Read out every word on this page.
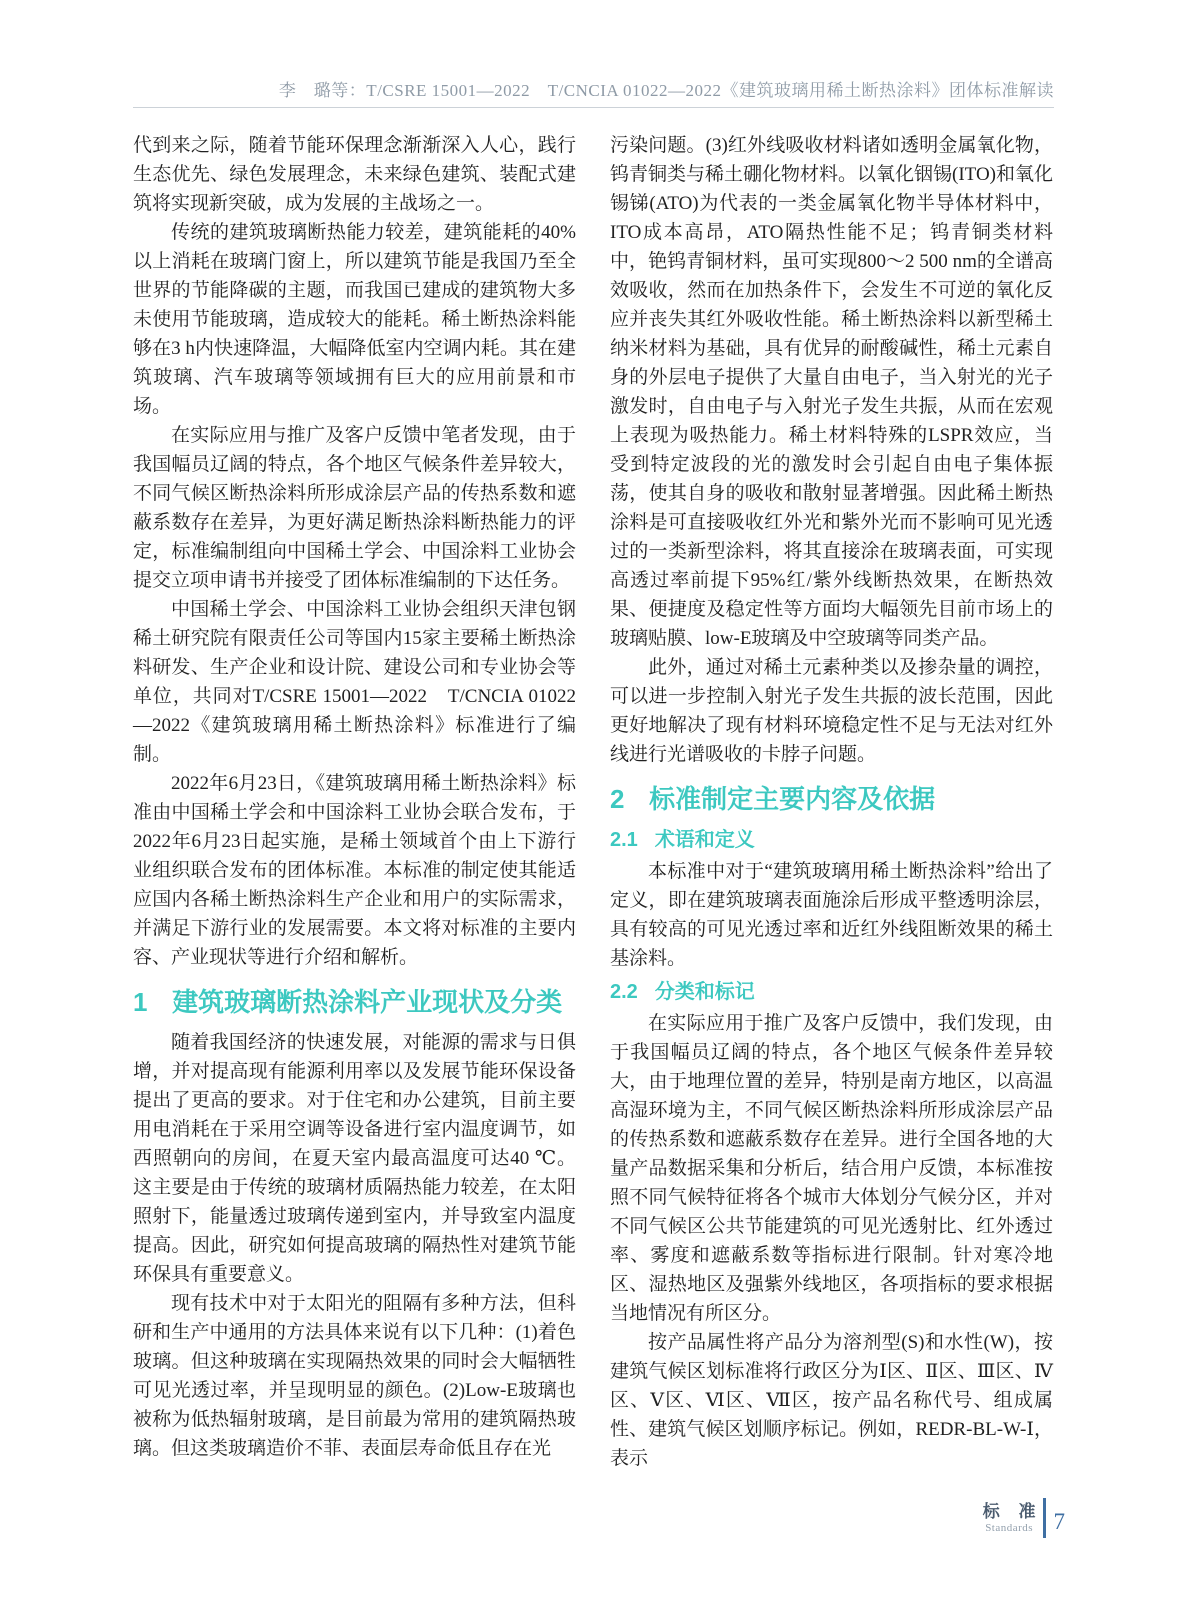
李　璐等：T/CSRE 15001—2022　T/CNCIA 01022—2022《建筑玻璃用稀土断热涂料》团体标准解读

代到来之际，随着节能环保理念渐渐深入人心，践行生态优先、绿色发展理念，未来绿色建筑、装配式建筑将实现新突破，成为发展的主战场之一。

传统的建筑玻璃断热能力较差，建筑能耗的40%以上消耗在玻璃门窗上，所以建筑节能是我国乃至全世界的节能降碳的主题，而我国已建成的建筑物大多未使用节能玻璃，造成较大的能耗。稀土断热涂料能够在3 h内快速降温，大幅降低室内空调内耗。其在建筑玻璃、汽车玻璃等领域拥有巨大的应用前景和市场。

在实际应用与推广及客户反馈中笔者发现，由于我国幅员辽阔的特点，各个地区气候条件差异较大，不同气候区断热涂料所形成涂层产品的传热系数和遮蔽系数存在差异，为更好满足断热涂料断热能力的评定，标准编制组向中国稀土学会、中国涂料工业协会提交立项申请书并接受了团体标准编制的下达任务。

中国稀土学会、中国涂料工业协会组织天津包钢稀土研究院有限责任公司等国内15家主要稀土断热涂料研发、生产企业和设计院、建设公司和专业协会等单位，共同对T/CSRE 15001—2022　T/CNCIA 01022—2022《建筑玻璃用稀土断热涂料》标准进行了编制。

2022年6月23日，《建筑玻璃用稀土断热涂料》标准由中国稀土学会和中国涂料工业协会联合发布，于2022年6月23日起实施，是稀土领域首个由上下游行业组织联合发布的团体标准。本标准的制定使其能适应国内各稀土断热涂料生产企业和用户的实际需求，并满足下游行业的发展需要。本文将对标准的主要内容、产业现状等进行介绍和解析。

1 建筑玻璃断热涂料产业现状及分类

随着我国经济的快速发展，对能源的需求与日俱增，并对提高现有能源利用率以及发展节能环保设备提出了更高的要求。对于住宅和办公建筑，目前主要用电消耗在于采用空调等设备进行室内温度调节，如西照朝向的房间，在夏天室内最高温度可达40 ℃。这主要是由于传统的玻璃材质隔热能力较差，在太阳照射下，能量透过玻璃传递到室内，并导致室内温度提高。因此，研究如何提高玻璃的隔热性对建筑节能环保具有重要意义。

现有技术中对于太阳光的阻隔有多种方法，但科研和生产中通用的方法具体来说有以下几种：(1)着色玻璃。但这种玻璃在实现隔热效果的同时会大幅牺牲可见光透过率，并呈现明显的颜色。(2)Low-E玻璃也被称为低热辐射玻璃，是目前最为常用的建筑隔热玻璃。但这类玻璃造价不菲、表面层寿命低且存在光

污染问题。(3)红外线吸收材料诸如透明金属氧化物，钨青铜类与稀土硼化物材料。以氧化铟锡(ITO)和氧化锡锑(ATO)为代表的一类金属氧化物半导体材料中，ITO成本高昂，ATO隔热性能不足；钨青铜类材料中，铯钨青铜材料，虽可实现800～2 500 nm的全谱高效吸收，然而在加热条件下，会发生不可逆的氧化反应并丧失其红外吸收性能。稀土断热涂料以新型稀土纳米材料为基础，具有优异的耐酸碱性，稀土元素自身的外层电子提供了大量自由电子，当入射光的光子激发时，自由电子与入射光子发生共振，从而在宏观上表现为吸热能力。稀土材料特殊的LSPR效应，当受到特定波段的光的激发时会引起自由电子集体振荡，使其自身的吸收和散射显著增强。因此稀土断热涂料是可直接吸收红外光和紫外光而不影响可见光透过的一类新型涂料，将其直接涂在玻璃表面，可实现高透过率前提下95%红/紫外线断热效果，在断热效果、便捷度及稳定性等方面均大幅领先目前市场上的玻璃贴膜、low-E玻璃及中空玻璃等同类产品。

此外，通过对稀土元素种类以及掺杂量的调控，可以进一步控制入射光子发生共振的波长范围，因此更好地解决了现有材料环境稳定性不足与无法对红外线进行光谱吸收的卡脖子问题。

2 标准制定主要内容及依据
2.1 术语和定义

本标准中对于“建筑玻璃用稀土断热涂料”给出了定义，即在建筑玻璃表面施涂后形成平整透明涂层，具有较高的可见光透过率和近红外线阻断效果的稀土基涂料。

2.2 分类和标记

在实际应用于推广及客户反馈中，我们发现，由于我国幅员辽阔的特点，各个地区气候条件差异较大，由于地理位置的差异，特别是南方地区，以高温高湿环境为主，不同气候区断热涂料所形成涂层产品的传热系数和遮蔽系数存在差异。进行全国各地的大量产品数据采集和分析后，结合用户反馈，本标准按照不同气候特征将各个城市大体划分气候分区，并对不同气候区公共节能建筑的可见光透射比、红外透过率、雾度和遮蔽系数等指标进行限制。针对寒冷地区、湿热地区及强紫外线地区，各项指标的要求根据当地情况有所区分。

按产品属性将产品分为溶剂型(S)和水性(W)，按建筑气候区划标准将行政区分为Ⅰ区、Ⅱ区、Ⅲ区、Ⅳ区、Ⅴ区、Ⅵ区、Ⅶ区，按产品名称代号、组成属性、建筑气候区划顺序标记。例如，REDR-BL-W-Ⅰ，表示

标 准
Standards 7
